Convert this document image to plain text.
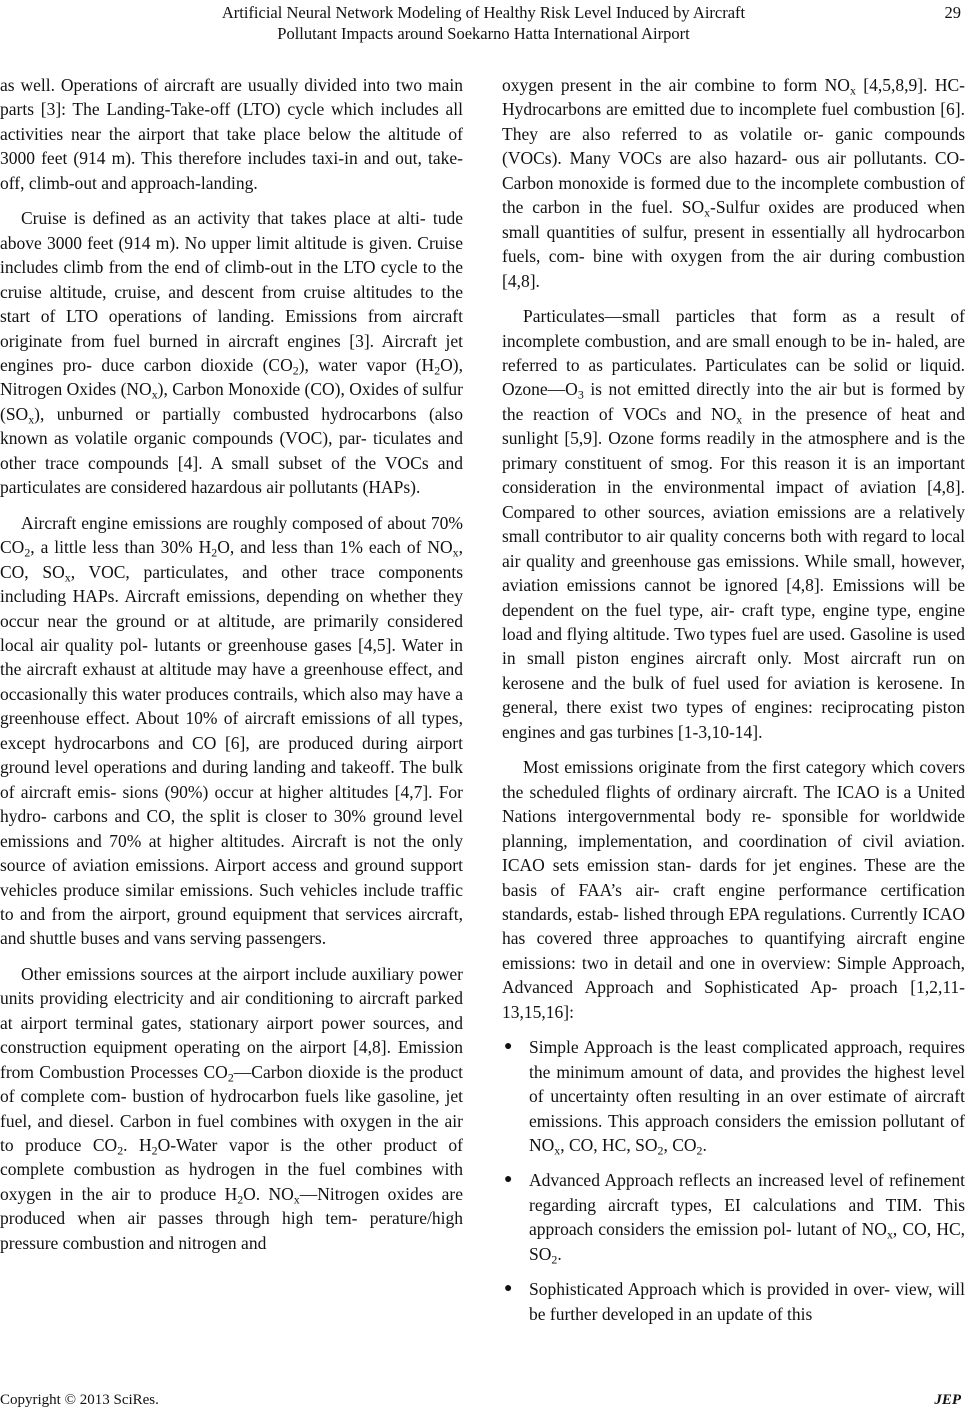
Artificial Neural Network Modeling of Healthy Risk Level Induced by Aircraft
Pollutant Impacts around Soekarno Hatta International Airport
29

as well. Operations of aircraft are usually divided into two main parts [3]: The Landing-Take-off (LTO) cycle which includes all activities near the airport that take place below the altitude of 3000 feet (914 m). This therefore includes taxi-in and out, take-off, climb-out and approach-landing.

Cruise is defined as an activity that takes place at alti- tude above 3000 feet (914 m). No upper limit altitude is given. Cruise includes climb from the end of climb-out in the LTO cycle to the cruise altitude, cruise, and descent from cruise altitudes to the start of LTO operations of landing. Emissions from aircraft originate from fuel burned in aircraft engines [3]. Aircraft jet engines pro- duce carbon dioxide $(CO_2)$, water vapor $(H_2O)$, Nitrogen Oxides $(NO_x)$, Carbon Monoxide (CO), Oxides of sulfur $(SO_x)$, unburned or partially combusted hydrocarbons (also known as volatile organic compounds (VOC), par- ticulates and other trace compounds [4]. A small subset of the VOCs and particulates are considered hazardous air pollutants (HAPs).

Aircraft engine emissions are roughly composed of about 70% $CO_2$, a little less than 30% $H_2O$, and less than 1% each of $NO_x$, CO, $SO_x$, VOC, particulates, and other trace components including HAPs. Aircraft emissions, depending on whether they occur near the ground or at altitude, are primarily considered local air quality pol- lutants or greenhouse gases [4,5]. Water in the aircraft exhaust at altitude may have a greenhouse effect, and occasionally this water produces contrails, which also may have a greenhouse effect. About 10% of aircraft emissions of all types, except hydrocarbons and CO [6], are produced during airport ground level operations and during landing and takeoff. The bulk of aircraft emis- sions (90%) occur at higher altitudes [4,7]. For hydro- carbons and CO, the split is closer to 30% ground level emissions and 70% at higher altitudes. Aircraft is not the only source of aviation emissions. Airport access and ground support vehicles produce similar emissions. Such vehicles include traffic to and from the airport, ground equipment that services aircraft, and shuttle buses and vans serving passengers.

Other emissions sources at the airport include auxiliary power units providing electricity and air conditioning to aircraft parked at airport terminal gates, stationary airport power sources, and construction equipment operating on the airport [4,8]. Emission from Combustion Processes $CO_2—Carbon$ dioxide is the product of complete com- bustion of hydrocarbon fuels like gasoline, jet fuel, and diesel. Carbon in fuel combines with oxygen in the air to produce $CO_2$. $H_2O$-Water vapor is the other product of complete combustion as hydrogen in the fuel combines with oxygen in the air to produce $H_2O$. $NO_x—Nitrogen$ oxides are produced when air passes through high tem- perature/high pressure combustion and nitrogen and

oxygen present in the air combine to form $NO_x$ [4,5,8,9]. HC-Hydrocarbons are emitted due to incomplete fuel combustion [6]. They are also referred to as volatile or- ganic compounds (VOCs). Many VOCs are also hazard- ous air pollutants. CO-Carbon monoxide is formed due to the incomplete combustion of the carbon in the fuel. $SO_x$-Sulfur oxides are produced when small quantities of sulfur, present in essentially all hydrocarbon fuels, com- bine with oxygen from the air during combustion [4,8].

Particulates—small particles that form as a result of incomplete combustion, and are small enough to be in- haled, are referred to as particulates. Particulates can be solid or liquid. $Ozone—O_3$ is not emitted directly into the air but is formed by the reaction of VOCs and $NO_x$ in the presence of heat and sunlight [5,9]. Ozone forms readily in the atmosphere and is the primary constituent of smog. For this reason it is an important consideration in the environmental impact of aviation [4,8]. Compared to other sources, aviation emissions are a relatively small contributor to air quality concerns both with regard to local air quality and greenhouse gas emissions. While small, however, aviation emissions cannot be ignored [4,8]. Emissions will be dependent on the fuel type, air- craft type, engine type, engine load and flying altitude. Two types fuel are used. Gasoline is used in small piston engines aircraft only. Most aircraft run on kerosene and the bulk of fuel used for aviation is kerosene. In general, there exist two types of engines: reciprocating piston engines and gas turbines [1-3,10-14].

Most emissions originate from the first category which covers the scheduled flights of ordinary aircraft. The ICAO is a United Nations intergovernmental body re- sponsible for worldwide planning, implementation, and coordination of civil aviation. ICAO sets emission stan- dards for jet engines. These are the basis of FAA’s air- craft engine performance certification standards, estab- lished through EPA regulations. Currently ICAO has covered three approaches to quantifying aircraft engine emissions: two in detail and one in overview: Simple Approach, Advanced Approach and Sophisticated Ap- proach [1,2,11-13,15,16]:

● Simple Approach is the least complicated approach, requires the minimum amount of data, and provides the highest level of uncertainty often resulting in an over estimate of aircraft emissions. This approach considers the emission pollutant of $NO_x$, CO, HC, $SO_2$, $CO_2$.
● Advanced Approach reflects an increased level of refinement regarding aircraft types, EI calculations and TIM. This approach considers the emission pol- lutant of $NO_x$, CO, HC, $SO_2$.
● Sophisticated Approach which is provided in over- view, will be further developed in an update of this
Copyright © 2013 SciRes.	JEP
